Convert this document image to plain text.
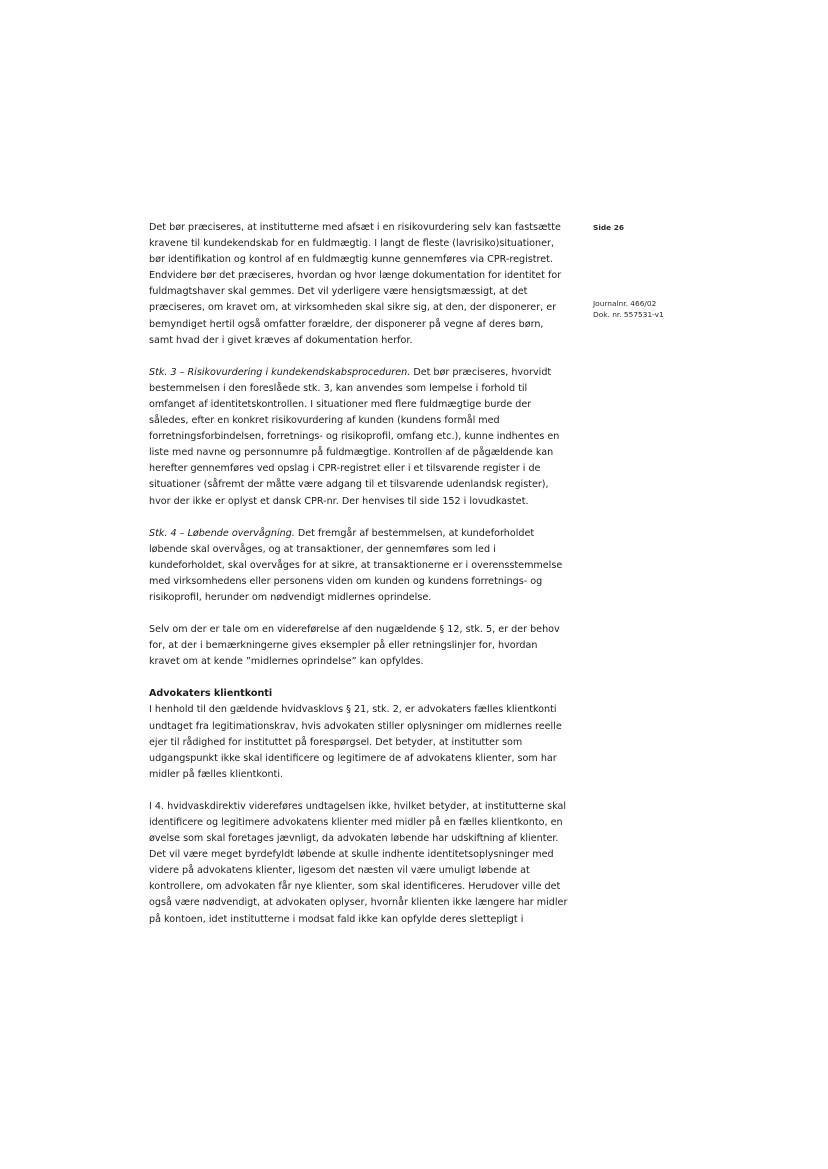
Det bør præciseres, at institutterne med afsæt i en risikovurdering selv kan fastsætte kravene til kundekendskab for en fuldmægtig. I langt de fleste (lavrisiko)situationer, bør identifikation og kontrol af en fuldmægtig kunne gennemføres via CPR-registret. Endvidere bør det præciseres, hvordan og hvor længe dokumentation for identitet for fuldmagtshaver skal gemmes. Det vil yderligere være hensigtsmæssigt, at det præciseres, om kravet om, at virksomheden skal sikre sig, at den, der disponerer, er bemyndiget hertil også omfatter forældre, der disponerer på vegne af deres børn, samt hvad der i givet kræves af dokumentation herfor.

Stk. 3 – Risikovurdering i kundekendskabsproceduren. Det bør præciseres, hvorvidt bestemmelsen i den foreslåede stk. 3, kan anvendes som lempelse i forhold til omfanget af identitetskontrollen. I situationer med flere fuldmægtige burde der således, efter en konkret risikovurdering af kunden (kundens formål med forretningsforbindelsen, forretnings- og risikoprofil, omfang etc.), kunne indhentes en liste med navne og personnumre på fuldmægtige. Kontrollen af de pågældende kan herefter gennemføres ved opslag i CPR-registret eller i et tilsvarende register i de situationer (såfremt der måtte være adgang til et tilsvarende udenlandsk register), hvor der ikke er oplyst et dansk CPR-nr. Der henvises til side 152 i lovudkastet.

Stk. 4 – Løbende overvågning. Det fremgår af bestemmelsen, at kundeforholdet løbende skal overvåges, og at transaktioner, der gennemføres som led i kundeforholdet, skal overvåges for at sikre, at transaktionerne er i overensstemmelse med virksomhedens eller personens viden om kunden og kundens forretnings- og risikoprofil, herunder om nødvendigt midlernes oprindelse.

Selv om der er tale om en videreførelse af den nugældende § 12, stk. 5, er der behov for, at der i bemærkningerne gives eksempler på eller retningslinjer for, hvordan kravet om at kende ”midlernes oprindelse” kan opfyldes.

Advokaters klientkonti

I henhold til den gældende hvidvasklovs § 21, stk. 2, er advokaters fælles klientkonti undtaget fra legitimationskrav, hvis advokaten stiller oplysninger om midlernes reelle ejer til rådighed for instituttet på forespørgsel. Det betyder, at institutter som udgangspunkt ikke skal identificere og legitimere de af advokatens klienter, som har midler på fælles klientkonti.

I 4. hvidvaskdirektiv videreføres undtagelsen ikke, hvilket betyder, at institutterne skal identificere og legitimere advokatens klienter med midler på en fælles klientkonto, en øvelse som skal foretages jævnligt, da advokaten løbende har udskiftning af klienter. Det vil være meget byrdefyldt løbende at skulle indhente identitetsoplysninger med videre på advokatens klienter, ligesom det næsten vil være umuligt løbende at kontrollere, om advokaten får nye klienter, som skal identificeres. Herudover ville det også være nødvendigt, at advokaten oplyser, hvornår klienten ikke længere har midler på kontoen, idet institutterne i modsat fald ikke kan opfylde deres slettepligt i

Side 26
Journalnr. 466/02
Dok. nr. 557531-v1
